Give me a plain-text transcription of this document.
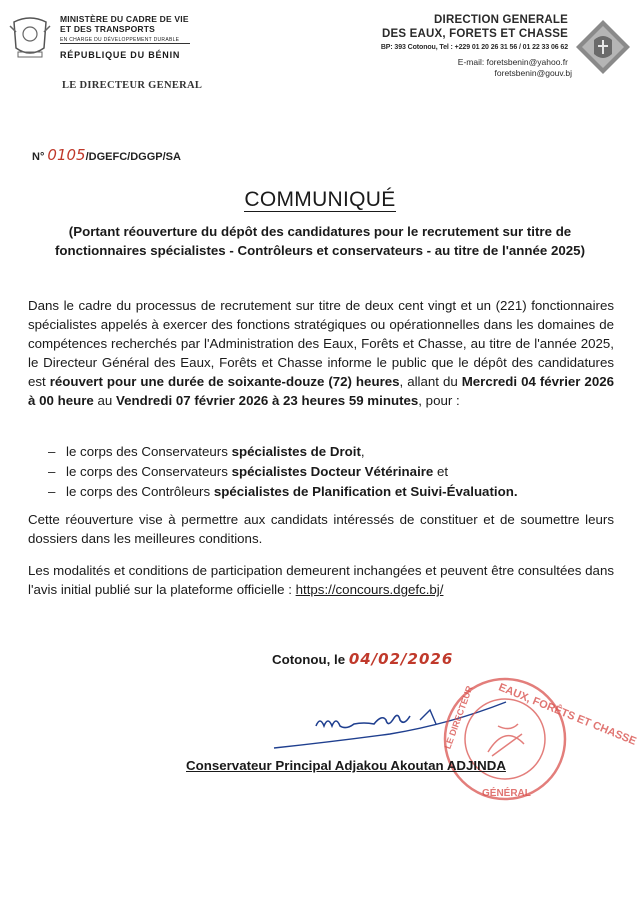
MINISTÈRE DU CADRE DE VIE
ET DES TRANSPORTS
EN CHARGE DU DÉVELOPPEMENT DURABLE
RÉPUBLIQUE DU BÉNIN
LE DIRECTEUR GENERAL
DIRECTION GENERALE
DES EAUX, FORETS ET CHASSE
BP: 393 Cotonou, Tel : +229 01 20 26 31 56 / 01 22 33 06 62
E-mail: foretsbenin@yahoo.fr
foretsbenin@gouv.bj
N° 0105/DGEFC/DGGP/SA
COMMUNIQUÉ
(Portant réouverture du dépôt des candidatures pour le recrutement sur titre de fonctionnaires spécialistes - Contrôleurs et conservateurs - au titre de l'année 2025)
Dans le cadre du processus de recrutement sur titre de deux cent vingt et un (221) fonctionnaires spécialistes appelés à exercer des fonctions stratégiques ou opérationnelles dans les domaines de compétences recherchés par l'Administration des Eaux, Forêts et Chasse, au titre de l'année 2025, le Directeur Général des Eaux, Forêts et Chasse informe le public que le dépôt des candidatures est réouvert pour une durée de soixante-douze (72) heures, allant du Mercredi 04 février 2026 à 00 heure au Vendredi 07 février 2026 à 23 heures 59 minutes, pour :
– le corps des Conservateurs spécialistes de Droit,
– le corps des Conservateurs spécialistes Docteur Vétérinaire et
– le corps des Contrôleurs spécialistes de Planification et Suivi-Évaluation.
Cette réouverture vise à permettre aux candidats intéressés de constituer et de soumettre leurs dossiers dans les meilleures conditions.
Les modalités et conditions de participation demeurent inchangées et peuvent être consultées dans l'avis initial publié sur la plateforme officielle : https://concours.dgefc.bj/
Cotonou, le 04/02/2026
EAUX, FORÊTS ET CHASSE
LE DIRECTEUR
GÉNÉRAL
Conservateur Principal Adjakou Akoutan ADJINDA
